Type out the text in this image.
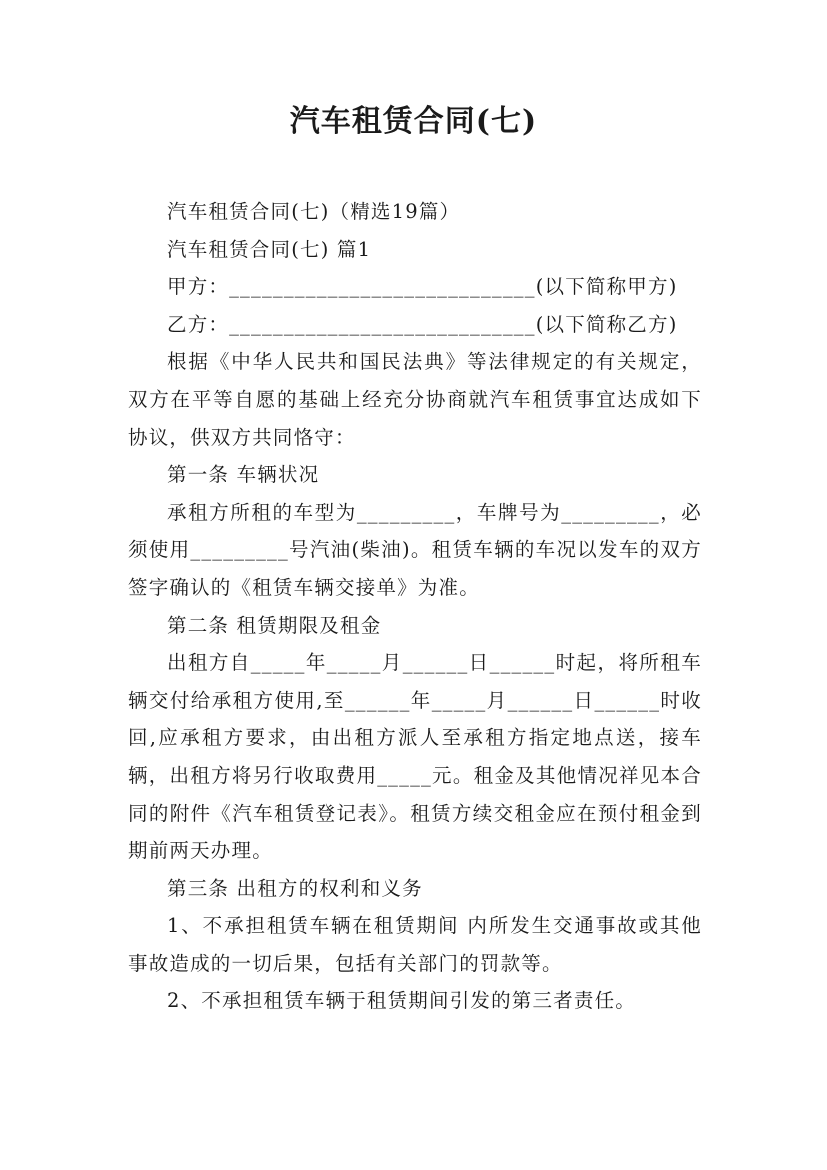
汽车租赁合同(七)

汽车租赁合同(七)（精选19篇）

汽车租赁合同(七) 篇1

甲方：____________________________(以下简称甲方)

乙方：____________________________(以下简称乙方)

根据《中华人民共和国民法典》等法律规定的有关规定，双方在平等自愿的基础上经充分协商就汽车租赁事宜达成如下协议，供双方共同恪守：

第一条 车辆状况

承租方所租的车型为_________，车牌号为_________，必须使用_________号汽油(柴油)。租赁车辆的车况以发车的双方签字确认的《租赁车辆交接单》为准。

第二条 租赁期限及租金

出租方自_____年_____月______日______时起，将所租车辆交付给承租方使用,至______年_____月______日______时收回,应承租方要求，由出租方派人至承租方指定地点送，接车辆，出租方将另行收取费用_____元。租金及其他情况祥见本合同的附件《汽车租赁登记表》。租赁方续交租金应在预付租金到期前两天办理。

第三条 出租方的权利和义务

1、不承担租赁车辆在租赁期间 内所发生交通事故或其他事故造成的一切后果，包括有关部门的罚款等。

2、不承担租赁车辆于租赁期间引发的第三者责任。
